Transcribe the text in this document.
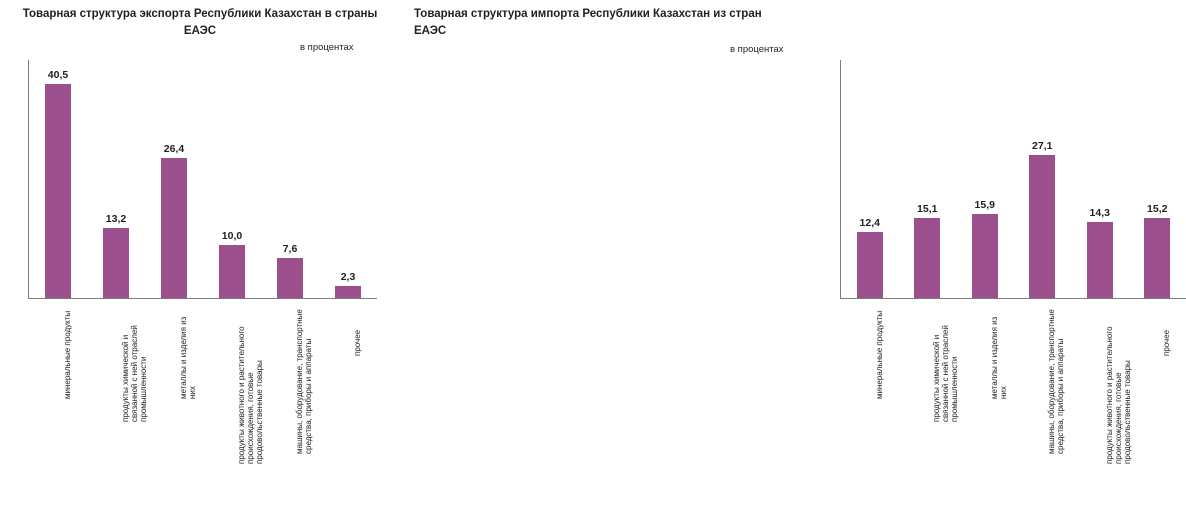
Товарная структура экспорта Республики Казахстан в страны ЕАЭС
в процентах
40,5
минеральные продукты
13,2
продукты химической и связанной с ней отраслей промышленности
26,4
металлы и изделия из них
10,0
продукты животного и растительного происхождения, готовые продовольственные товары
7,6
машины, оборудование, транспортные средства, приборы и аппараты
2,3
прочее
Товарная структура импорта Республики Казахстан из стран ЕАЭС
в процентах
12,4
минеральные продукты
15,1
продукты химической и связанной с ней отраслей промышленности
15,9
металлы и изделия из них
27,1
машины, оборудование, транспортные средства, приборы и аппараты
14,3
продукты животного и растительного происхождения, готовые продовольственные товары
15,2
прочее
